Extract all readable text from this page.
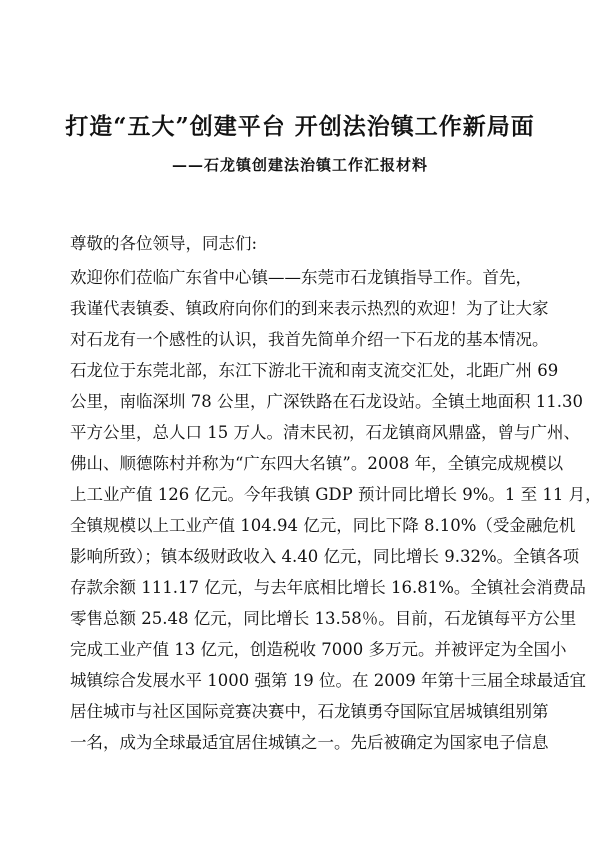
打造“五大”创建平台 开创法治镇工作新局面
——石龙镇创建法治镇工作汇报材料
尊敬的各位领导，同志们:
欢迎你们莅临广东省中心镇——东莞市石龙镇指导工作。首先，
我谨代表镇委、镇政府向你们的到来表示热烈的欢迎！为了让大家
对石龙有一个感性的认识，我首先简单介绍一下石龙的基本情况。
石龙位于东莞北部，东江下游北干流和南支流交汇处，北距广州 69
公里，南临深圳 78 公里，广深铁路在石龙设站。全镇土地面积 11.30
平方公里，总人口 15 万人。清末民初，石龙镇商风鼎盛，曾与广州、
佛山、顺德陈村并称为“广东四大名镇”。2008 年，全镇完成规模以
上工业产值 126 亿元。今年我镇 GDP 预计同比增长 9%。1 至 11 月，
全镇规模以上工业产值 104.94 亿元，同比下降 8.10%（受金融危机
影响所致）；镇本级财政收入 4.40 亿元，同比增长 9.32%。全镇各项
存款余额 111.17 亿元，与去年底相比增长 16.81%。全镇社会消费品
零售总额 25.48 亿元，同比增长 13.58％。目前，石龙镇每平方公里
完成工业产值 13 亿元，创造税收 7000 多万元。并被评定为全国小
城镇综合发展水平 1000 强第 19 位。在 2009 年第十三届全球最适宜
居住城市与社区国际竞赛决赛中，石龙镇勇夺国际宜居城镇组别第
一名，成为全球最适宜居住城镇之一。先后被确定为国家电子信息
